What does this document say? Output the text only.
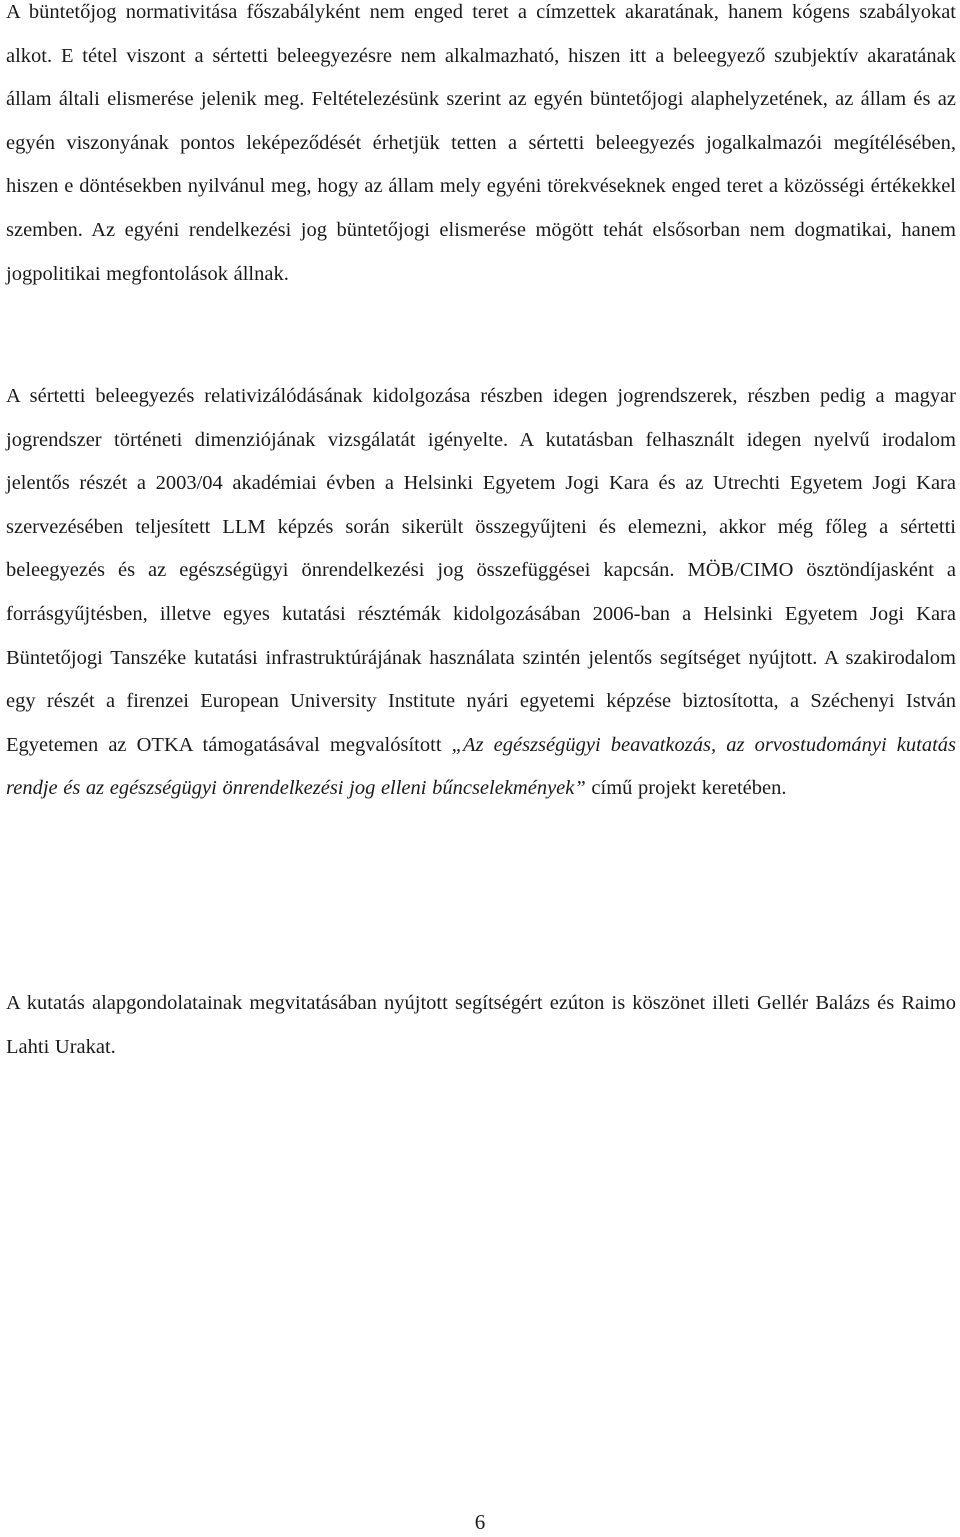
A büntetőjog normativitása főszabályként nem enged teret a címzettek akaratának, hanem kógens szabályokat alkot. E tétel viszont a sértetti beleegyezésre nem alkalmazható, hiszen itt a beleegyező szubjektív akaratának állam általi elismerése jelenik meg. Feltételezésünk szerint az egyén büntetőjogi alaphelyzetének, az állam és az egyén viszonyának pontos leképeződését érhetjük tetten a sértetti beleegyezés jogalkalmazói megítélésében, hiszen e döntésekben nyilvánul meg, hogy az állam mely egyéni törekvéseknek enged teret a közösségi értékekkel szemben. Az egyéni rendelkezési jog büntetőjogi elismerése mögött tehát elsősorban nem dogmatikai, hanem jogpolitikai megfontolások állnak.

A sértetti beleegyezés relativizálódásának kidolgozása részben idegen jogrendszerek, részben pedig a magyar jogrendszer történeti dimenziójának vizsgálatát igényelte. A kutatásban felhasznált idegen nyelvű irodalom jelentős részét a 2003/04 akadémiai évben a Helsinki Egyetem Jogi Kara és az Utrechti Egyetem Jogi Kara szervezésében teljesített LLM képzés során sikerült összegyűjteni és elemezni, akkor még főleg a sértetti beleegyezés és az egészségügyi önrendelkezési jog összefüggései kapcsán. MÖB/CIMO ösztöndíjasként a forrásgyűjtésben, illetve egyes kutatási résztémák kidolgozásában 2006-ban a Helsinki Egyetem Jogi Kara Büntetőjogi Tanszéke kutatási infrastruktúrájának használata szintén jelentős segítséget nyújtott. A szakirodalom egy részét a firenzei European University Institute nyári egyetemi képzése biztosította, a Széchenyi István Egyetemen az OTKA támogatásával megvalósított „Az egészségügyi beavatkozás, az orvostudományi kutatás rendje és az egészségügyi önrendelkezési jog elleni bűncselekmények” című projekt keretében.

A kutatás alapgondolatainak megvitatásában nyújtott segítségért ezúton is köszönet illeti Gellér Balázs és Raimo Lahti Urakat.

6
